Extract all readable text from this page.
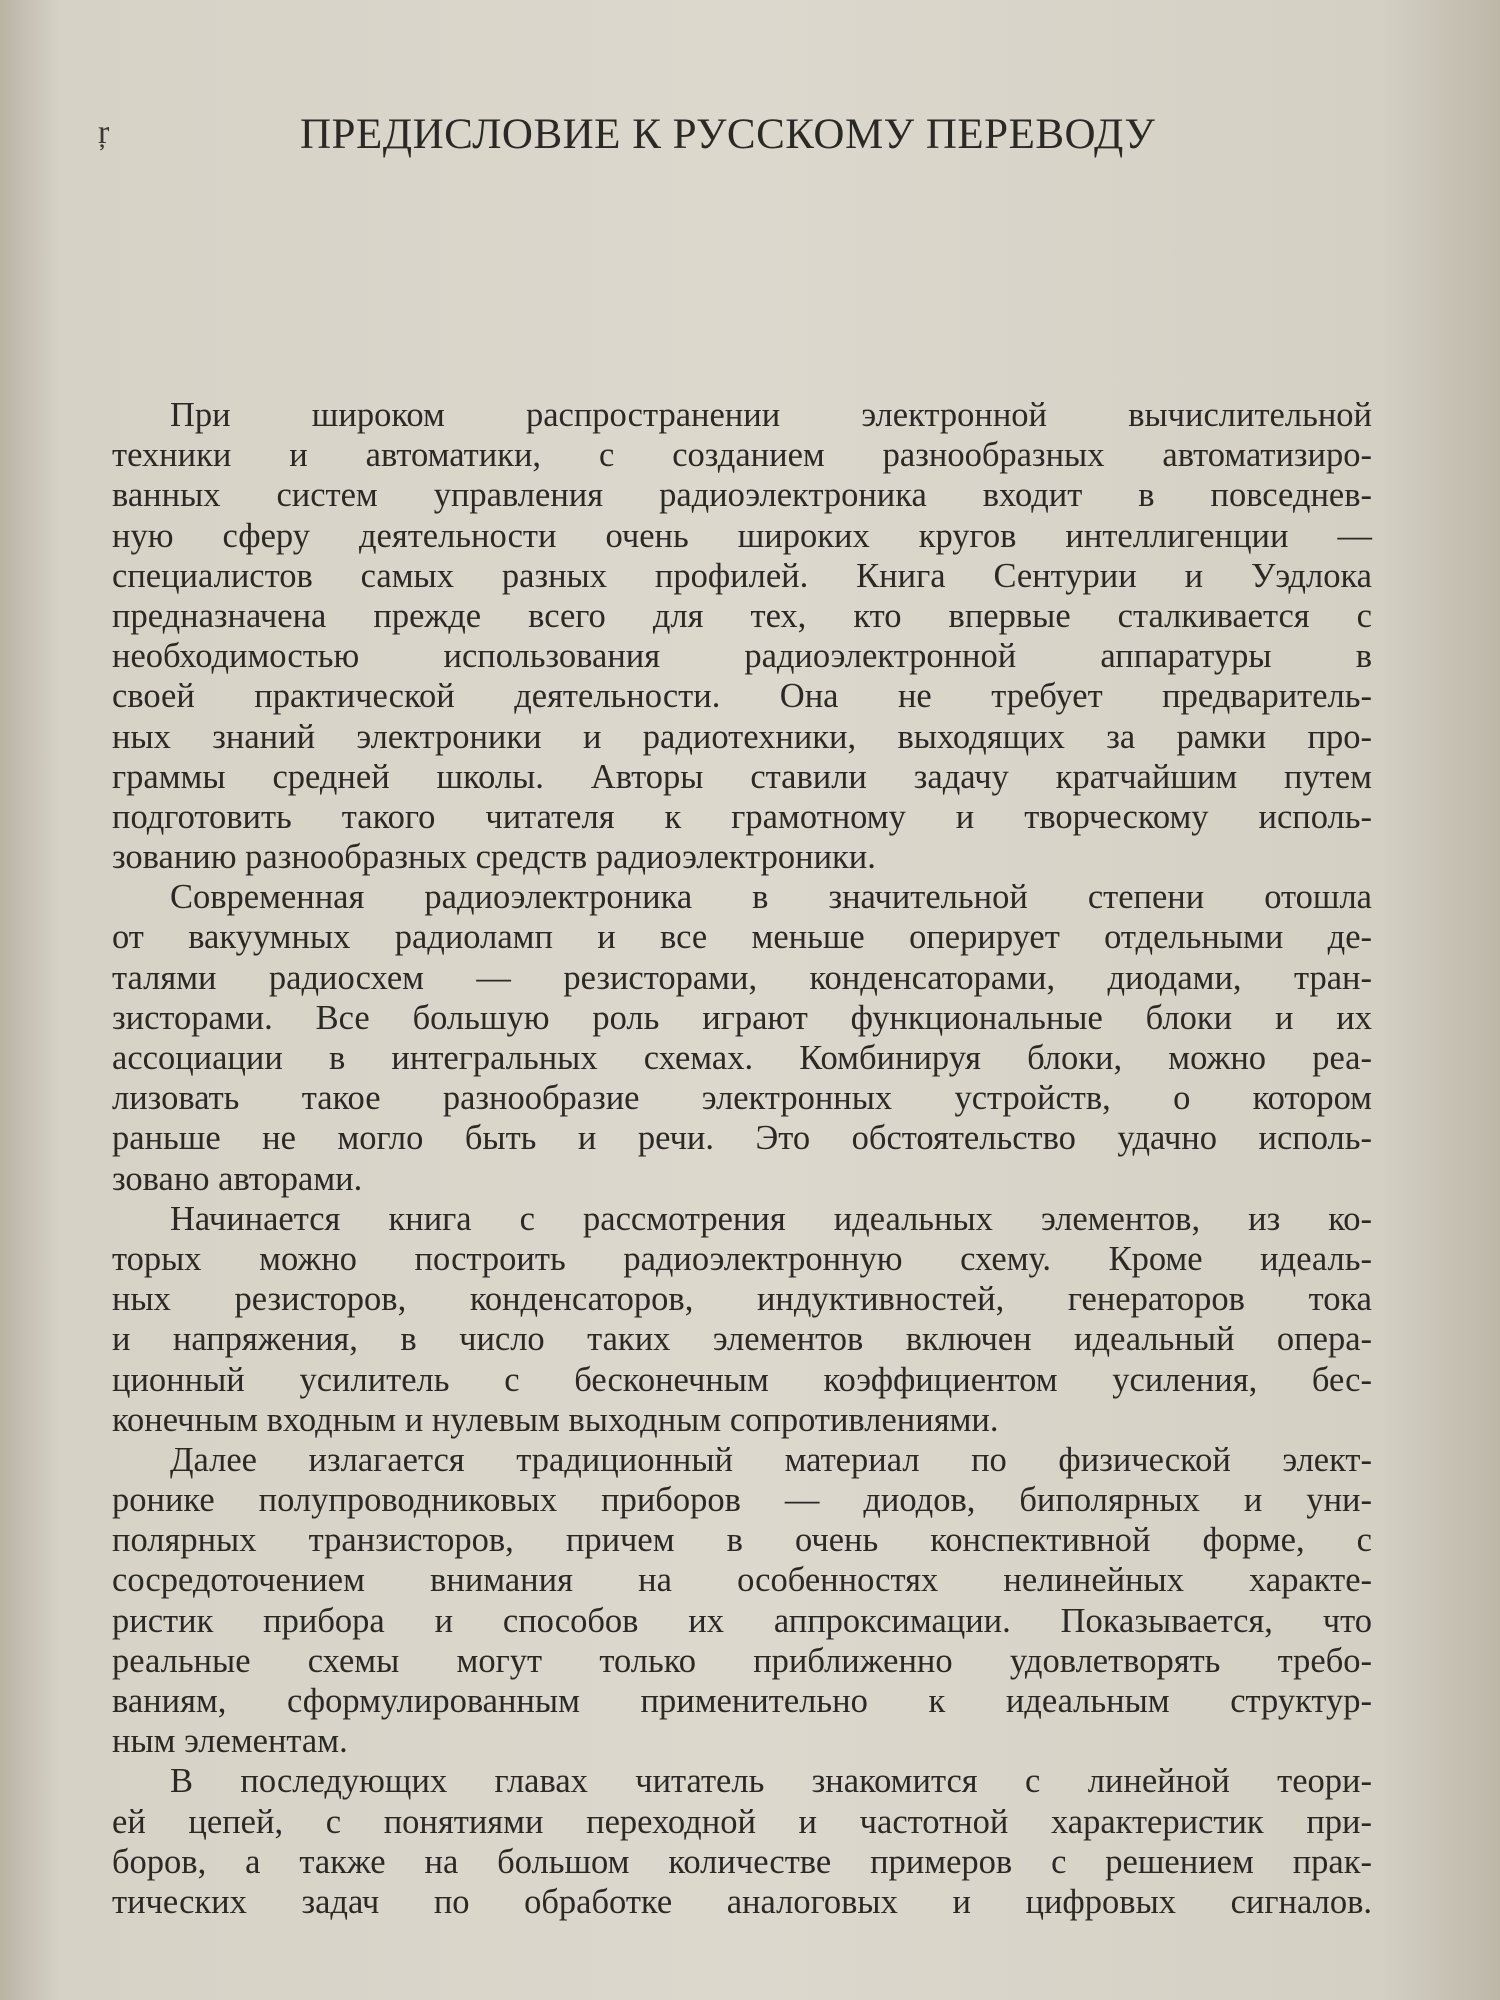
ŗ	ПРЕДИСЛОВИЕ К РУССКОМУ ПЕРЕВОДУ
При широком распространении электронной вычислительной
техники и автоматики, с созданием разнообразных автоматизиро-
ванных систем управления радиоэлектроника входит в повседнев-
ную сферу деятельности очень широких кругов интеллигенции —
специалистов самых разных профилей. Книга Сентурии и Уэдлока
предназначена прежде всего для тех, кто впервые сталкивается с
необходимостью использования радиоэлектронной аппаратуры в
своей практической деятельности. Она не требует предваритель-
ных знаний электроники и радиотехники, выходящих за рамки про-
граммы средней школы. Авторы ставили задачу кратчайшим путем
подготовить такого читателя к грамотному и творческому исполь-
зованию разнообразных средств радиоэлектроники.
Современная радиоэлектроника в значительной степени отошла
от вакуумных радиоламп и все меньше оперирует отдельными де-
талями радиосхем — резисторами, конденсаторами, диодами, тран-
зисторами. Все большую роль играют функциональные блоки и их
ассоциации в интегральных схемах. Комбинируя блоки, можно реа-
лизовать такое разнообразие электронных устройств, о котором
раньше не могло быть и речи. Это обстоятельство удачно исполь-
зовано авторами.
Начинается книга с рассмотрения идеальных элементов, из ко-
торых можно построить радиоэлектронную схему. Кроме идеаль-
ных резисторов, конденсаторов, индуктивностей, генераторов тока
и напряжения, в число таких элементов включен идеальный опера-
ционный усилитель с бесконечным коэффициентом усиления, бес-
конечным входным и нулевым выходным сопротивлениями.
Далее излагается традиционный материал по физической элект-
ронике полупроводниковых приборов — диодов, биполярных и уни-
полярных транзисторов, причем в очень конспективной форме, с
сосредоточением внимания на особенностях нелинейных характе-
ристик прибора и способов их аппроксимации. Показывается, что
реальные схемы могут только приближенно удовлетворять требо-
ваниям, сформулированным применительно к идеальным структур-
ным элементам.
В последующих главах читатель знакомится с линейной теори-
ей цепей, с понятиями переходной и частотной характеристик при-
боров, а также на большом количестве примеров с решением прак-
тических задач по обработке аналоговых и цифровых сигналов.
